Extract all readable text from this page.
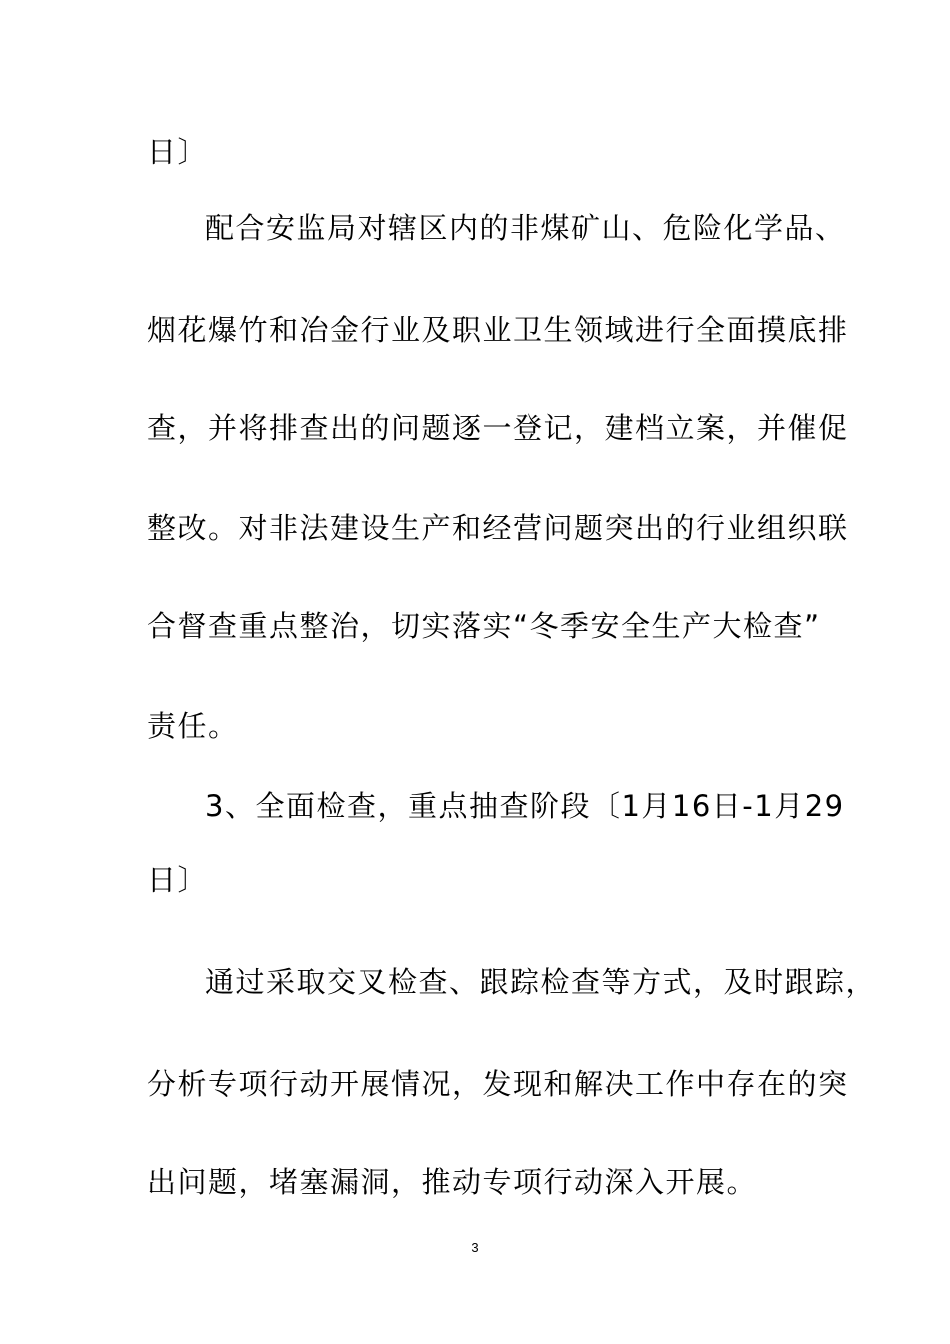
日〕
配合安监局对辖区内的非煤矿山、危险化学品、
烟花爆竹和冶金行业及职业卫生领域进行全面摸底排
查，并将排查出的问题逐一登记，建档立案，并催促
整改。对非法建设生产和经营问题突出的行业组织联
合督查重点整治，切实落实“冬季安全生产大检查”
责任。
3、全面检查，重点抽查阶段〔1月16日-1月29
日〕
通过采取交叉检查、跟踪检查等方式，及时跟踪，
分析专项行动开展情况，发现和解决工作中存在的突
出问题，堵塞漏洞，推动专项行动深入开展。
3
